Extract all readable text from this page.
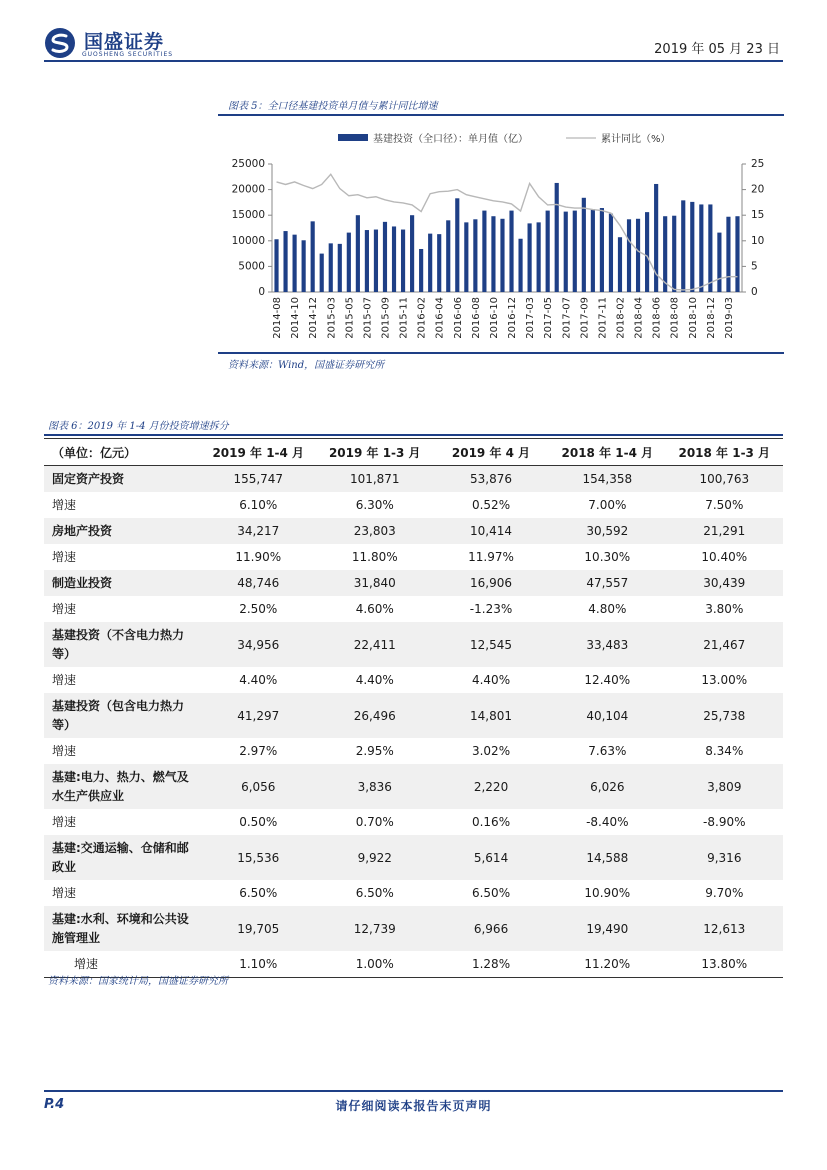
国盛证券
GUOSHENG SECURITIES	2019 年 05 月 23 日
图表 5：全口径基建投资单月值与累计同比增速
基建投资（全口径）：单月值（亿）	累计同比（%）
0
5000
10000
15000
20000
25000
0
5
10
15
20
25
2014-08 2014-10 2014-12 2015-03 2015-05 2015-07 2015-09 2015-11 2016-02 2016-04 2016-06 2016-08 2016-10 2016-12 2017-03 2017-05 2017-07 2017-09 2017-11 2018-02 2018-04 2018-06 2018-08 2018-10 2018-12 2019-03
资料来源：Wind，国盛证券研究所
图表 6：2019 年 1-4 月份投资增速拆分
（单位：亿元）	2019 年 1-4 月	2019 年 1-3 月	2019 年 4 月	2018 年 1-4 月	2018 年 1-3 月
固定资产投资	155,747	101,871	53,876	154,358	100,763
增速	6.10%	6.30%	0.52%	7.00%	7.50%
房地产投资	34,217	23,803	10,414	30,592	21,291
增速	11.90%	11.80%	11.97%	10.30%	10.40%
制造业投资	48,746	31,840	16,906	47,557	30,439
增速	2.50%	4.60%	-1.23%	4.80%	3.80%
基建投资（不含电力热力等）	34,956	22,411	12,545	33,483	21,467
增速	4.40%	4.40%	4.40%	12.40%	13.00%
基建投资（包含电力热力等）	41,297	26,496	14,801	40,104	25,738
增速	2.97%	2.95%	3.02%	7.63%	8.34%
基建:电力、热力、燃气及水生产供应业	6,056	3,836	2,220	6,026	3,809
增速	0.50%	0.70%	0.16%	-8.40%	-8.90%
基建:交通运输、仓储和邮政业	15,536	9,922	5,614	14,588	9,316
增速	6.50%	6.50%	6.50%	10.90%	9.70%
基建:水利、环境和公共设施管理业	19,705	12,739	6,966	19,490	12,613
增速	1.10%	1.00%	1.28%	11.20%	13.80%
资料来源：国家统计局，国盛证券研究所
P.4	请仔细阅读本报告末页声明
